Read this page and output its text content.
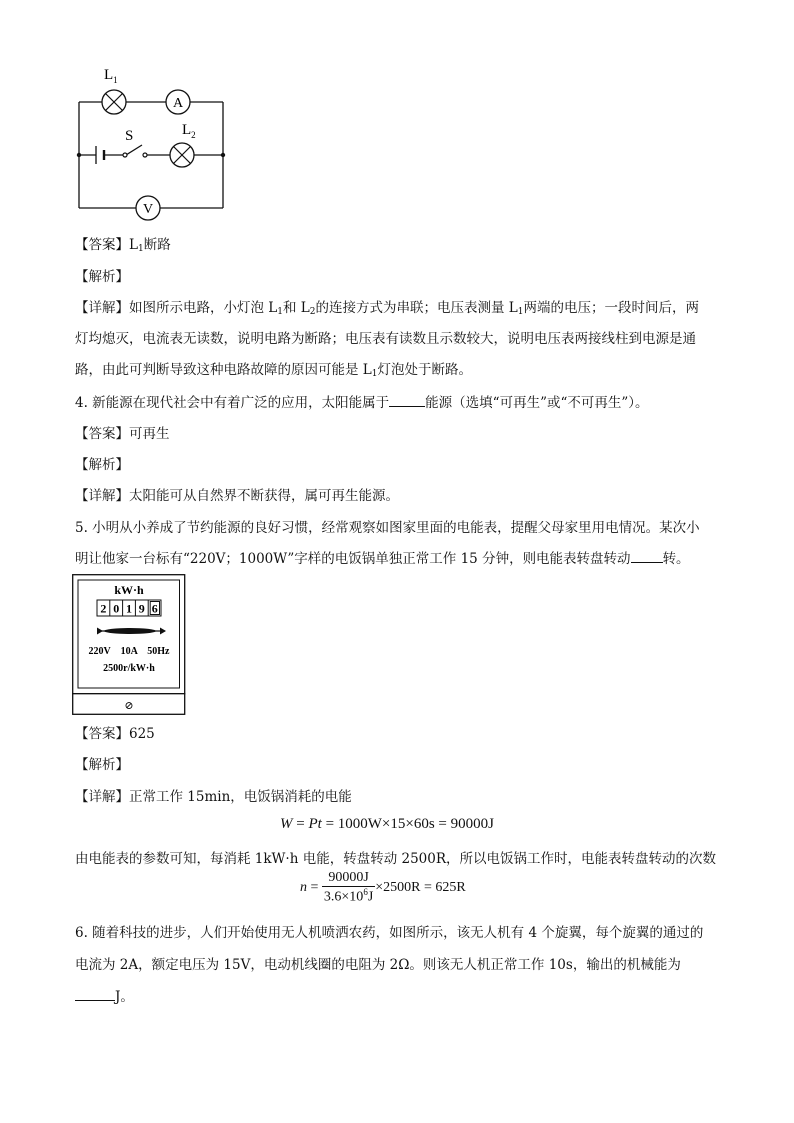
$L_1$
A
S	$L_2$
V
【答案】$L_1$断路
【解析】
【详解】如图所示电路，小灯泡 $L_1$和 $L_2$的连接方式为串联；电压表测量 $L_1$两端的电压；一段时间后，两
灯均熄灭，电流表无读数，说明电路为断路；电压表有读数且示数较大，说明电压表两接线柱到电源是通
路，由此可判断导致这种电路故障的原因可能是 $L_1$灯泡处于断路。
4. 新能源在现代社会中有着广泛的应用，太阳能属于	能源（选填“可再生”或“不可再生”）。
【答案】可再生
【解析】
【详解】太阳能可从自然界不断获得，属可再生能源。
5. 小明从小养成了节约能源的良好习惯，经常观察如图家里面的电能表，提醒父母家里用电情况。某次小
明让他家一台标有“220V；1000W”字样的电饭锅单独正常工作 15 分钟，则电能表转盘转动 转。
kW·h
2 0 1 9 6
220V    10A    50Hz
2500r/kW·h
⊘
【答案】625
【解析】
【详解】正常工作 15min，电饭锅消耗的电能
W = Pt = 1000W×15×60s = 90000J
由电能表的参数可知，每消耗 1kW·h 电能，转盘转动 2500R，所以电饭锅工作时，电能表转盘转动的次数
$n = \frac{90000J}{3.6\times 10^6J} \times 2500R = 625R$
6. 随着科技的进步，人们开始使用无人机喷洒农药，如图所示，该无人机有 4 个旋翼，每个旋翼的通过的
电流为 2A，额定电压为 15V，电动机线圈的电阻为 2Ω。则该无人机正常工作 10s，输出的机械能为
J。
